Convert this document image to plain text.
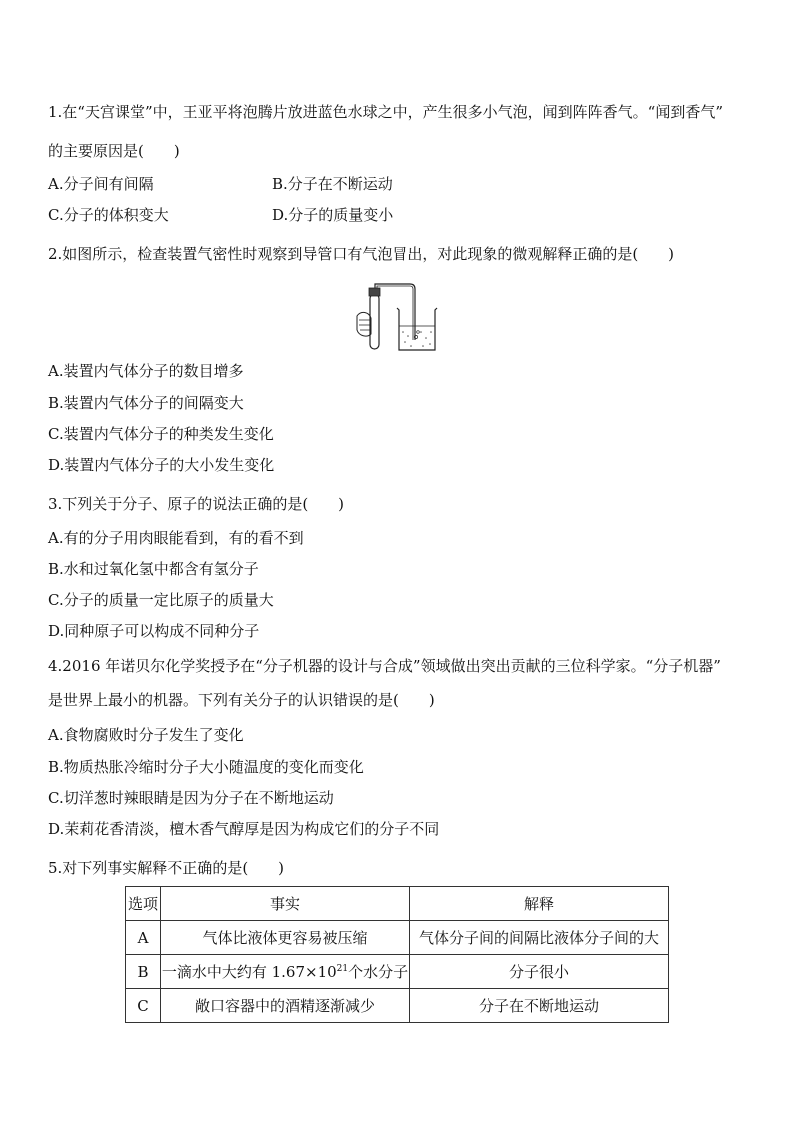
1.在“天宫课堂”中，王亚平将泡腾片放进蓝色水球之中，产生很多小气泡，闻到阵阵香气。“闻到香气”
的主要原因是(　　)
A.分子间有间隔	B.分子在不断运动
C.分子的体积变大	D.分子的质量变小
2.如图所示，检查装置气密性时观察到导管口有气泡冒出，对此现象的微观解释正确的是(　　)
A.装置内气体分子的数目增多
B.装置内气体分子的间隔变大
C.装置内气体分子的种类发生变化
D.装置内气体分子的大小发生变化
3.下列关于分子、原子的说法正确的是(　　)
A.有的分子用肉眼能看到，有的看不到
B.水和过氧化氢中都含有氢分子
C.分子的质量一定比原子的质量大
D.同种原子可以构成不同种分子
4.2016 年诺贝尔化学奖授予在“分子机器的设计与合成”领域做出突出贡献的三位科学家。“分子机器”
是世界上最小的机器。下列有关分子的认识错误的是(　　)
A.食物腐败时分子发生了变化
B.物质热胀冷缩时分子大小随温度的变化而变化
C.切洋葱时辣眼睛是因为分子在不断地运动
D.茉莉花香清淡，檀木香气醇厚是因为构成它们的分子不同
5.对下列事实解释不正确的是(　　)
选项	事实	解释
A	气体比液体更容易被压缩	气体分子间的间隔比液体分子间的大
B	一滴水中大约有 $1.67\times 10^{21}$个水分子	分子很小
C	敞口容器中的酒精逐渐减少	分子在不断地运动
